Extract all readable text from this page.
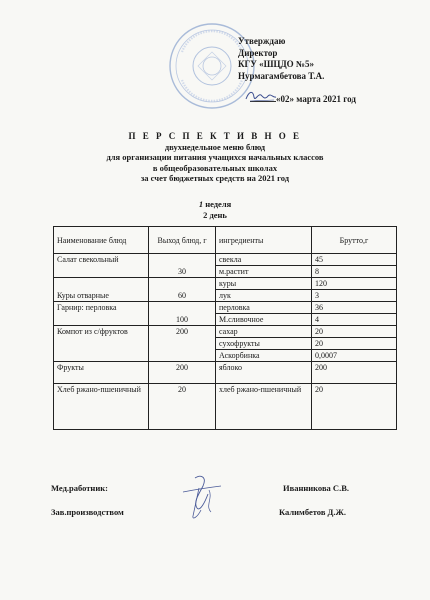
Утверждаю
Директор
КГУ «ШЦДО №5»
Нурмагамбетова Т.А.
«02» марта 2021 год
П Е Р С П Е К Т И В Н О Е
двухнедельное меню блюд
для организации питания учащихся начальных классов
в общеобразовательных школах
за счет бюджетных средств на 2021 год
1 неделя
2 день
Наименование блюд	Выход блюд, г	ингредиенты	Брутто,г
Салат свекольный	30	свекла	45
		м.растит	8
Куры отварные	60	куры	120
		лук	3
Гарнир: перловка	100	перловка	36
		М.сливочное	4
Компот из с/фруктов	200	сахар	20
		сухофрукты	20
		Аскорбинка	0,0007
Фрукты	200	яблоко	200
Хлеб ржано-пшеничный	20	хлеб ржано-пшеничный	20
Мед.работник:	Иванникова С.В.
Зав.производством	Калимбетов Д.Ж.
